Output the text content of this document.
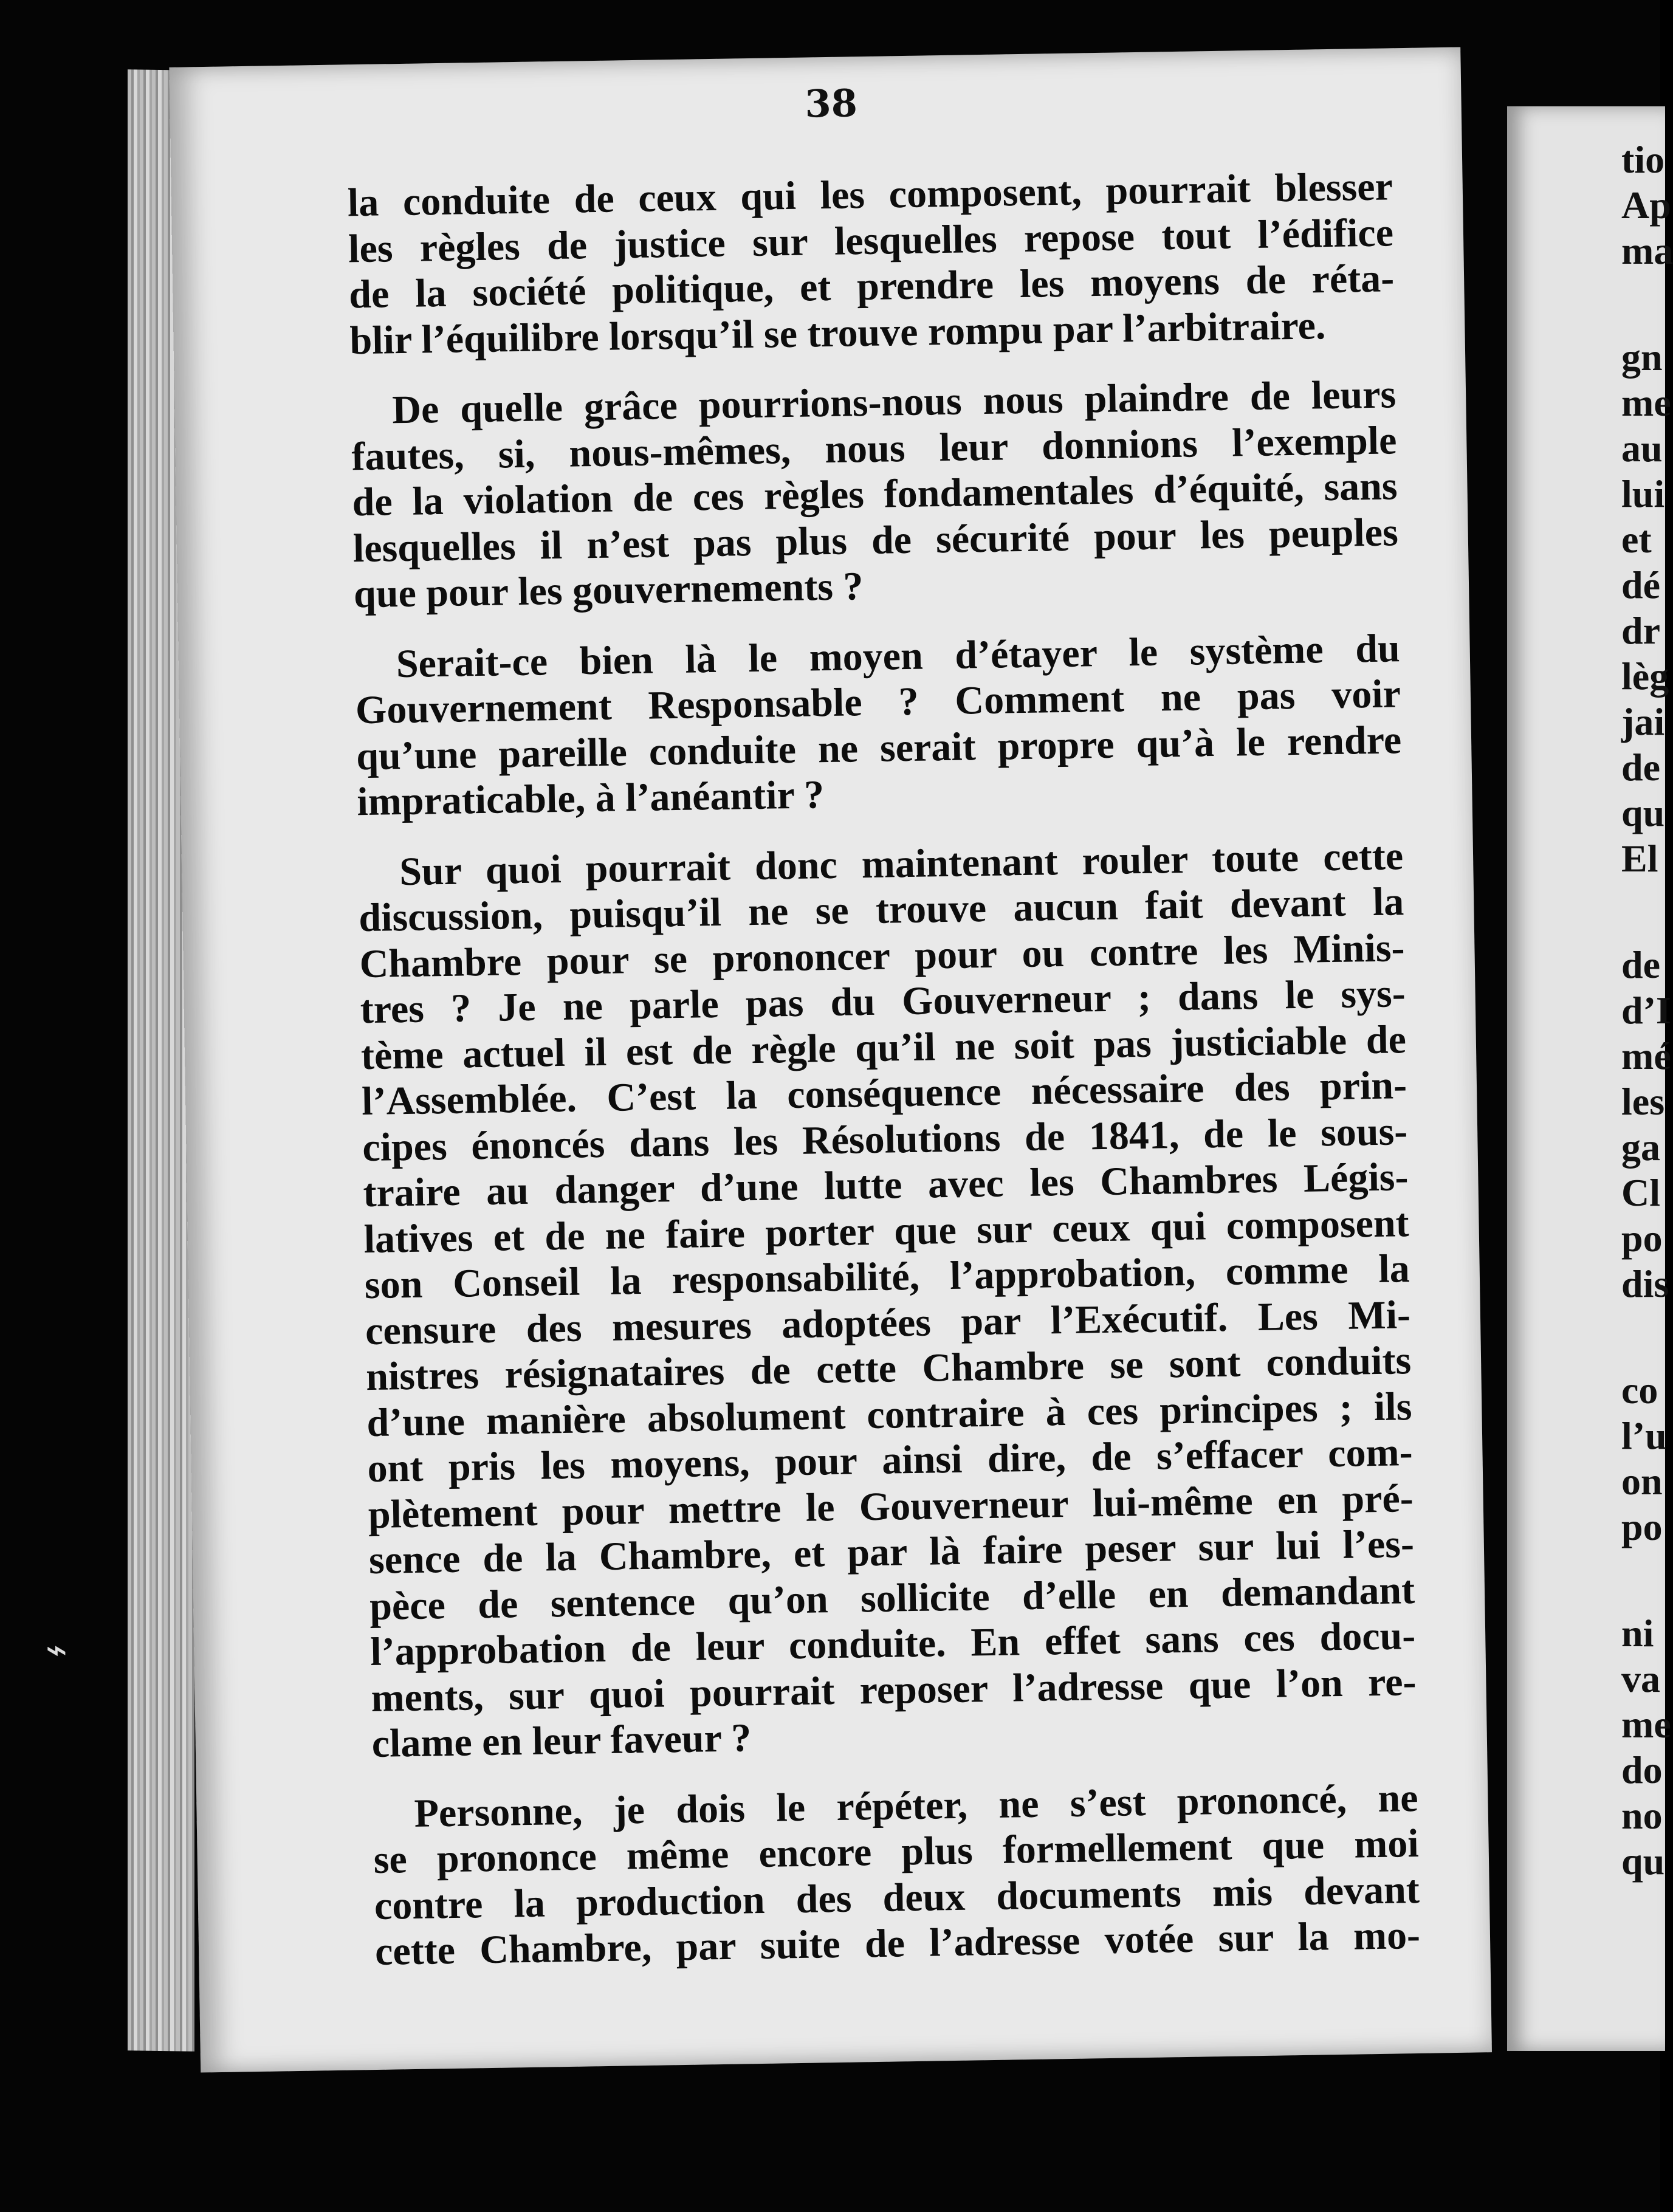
38
la conduite de ceux qui les composent, pourrait blesser
les règles de justice sur lesquelles repose tout l’édifice
de la société politique, et prendre les moyens de réta-
blir l’équilibre lorsqu’il se trouve rompu par l’arbitraire.
De quelle grâce pourrions-nous nous plaindre de leurs
fautes, si, nous-mêmes, nous leur donnions l’exemple
de la violation de ces règles fondamentales d’équité, sans
lesquelles il n’est pas plus de sécurité pour les peuples
que pour les gouvernements ?
Serait-ce bien là le moyen d’étayer le système du
Gouvernement Responsable ? Comment ne pas voir
qu’une pareille conduite ne serait propre qu’à le rendre
impraticable, à l’anéantir ?
Sur quoi pourrait donc maintenant rouler toute cette
discussion, puisqu’il ne se trouve aucun fait devant la
Chambre pour se prononcer pour ou contre les Minis-
tres ? Je ne parle pas du Gouverneur ; dans le sys-
tème actuel il est de règle qu’il ne soit pas justiciable de
l’Assemblée. C’est la conséquence nécessaire des prin-
cipes énoncés dans les Résolutions de 1841, de le sous-
traire au danger d’une lutte avec les Chambres Légis-
latives et de ne faire porter que sur ceux qui composent
son Conseil la responsabilité, l’approbation, comme la
censure des mesures adoptées par l’Exécutif. Les Mi-
nistres résignataires de cette Chambre se sont conduits
d’une manière absolument contraire à ces principes ; ils
ont pris les moyens, pour ainsi dire, de s’effacer com-
plètement pour mettre le Gouverneur lui-même en pré-
sence de la Chambre, et par là faire peser sur lui l’es-
pèce de sentence qu’on sollicite d’elle en demandant
l’approbation de leur conduite. En effet sans ces docu-
ments, sur quoi pourrait reposer l’adresse que l’on re-
clame en leur faveur ?
Personne, je dois le répéter, ne s’est prononcé, ne
se prononce même encore plus formellement que moi
contre la production des deux documents mis devant
cette Chambre, par suite de l’adresse votée sur la mo-
tio
Ap
ma
gn
me
au
lui
et
dé
dr
lèg
jai
de
qu
El
de
d’I
mé
les
ga
Cl
po
dis
co
l’u
on
po
ni
va
me
do
no
qu
⌁
